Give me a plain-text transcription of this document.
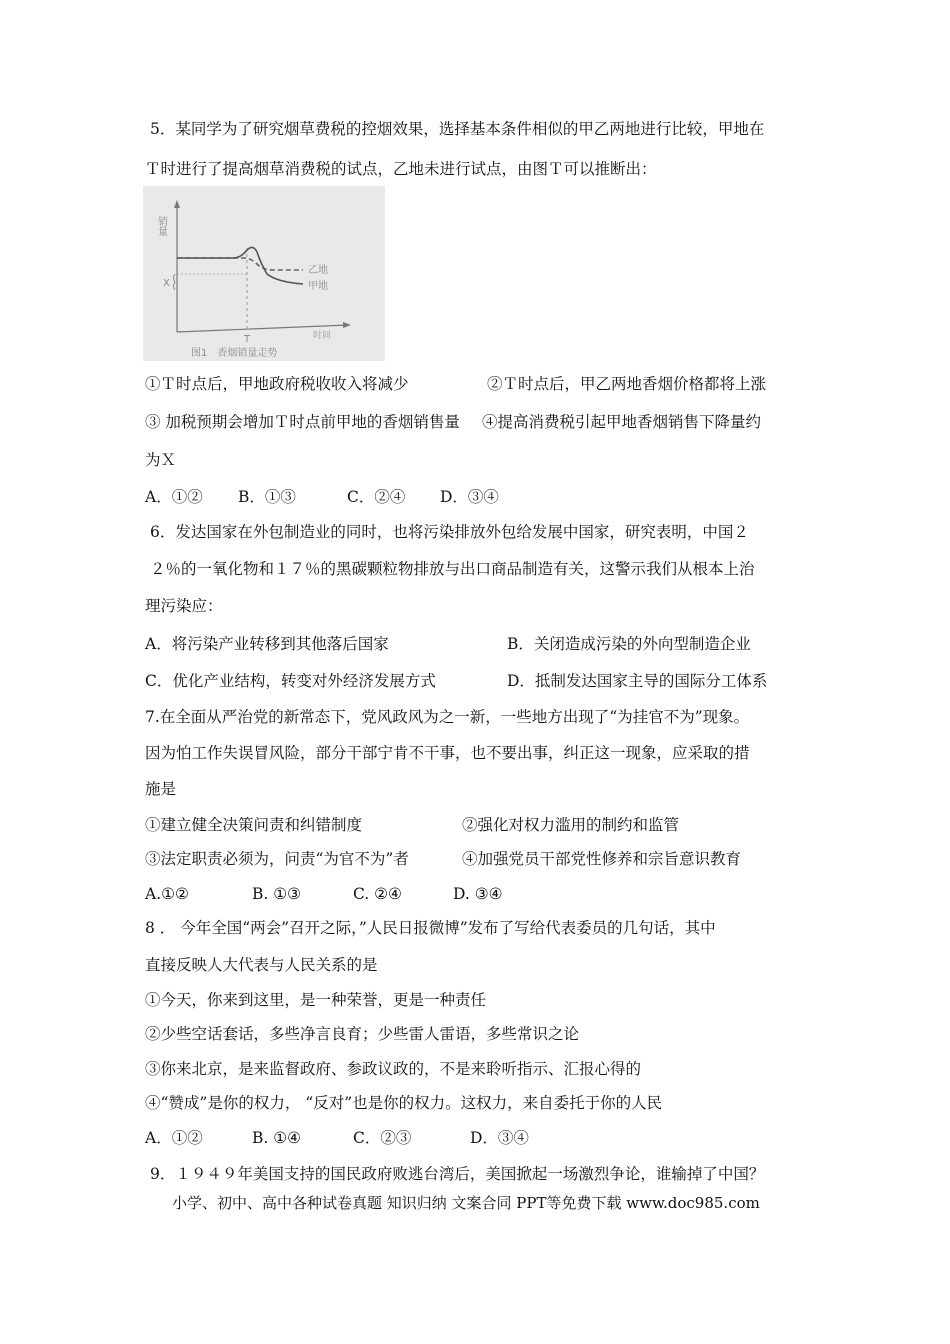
5．某同学为了研究烟草费税的控烟效果，选择基本条件相似的甲乙两地进行比较，甲地在
Ｔ时进行了提高烟草消费税的试点，乙地未进行试点，由图Ｔ可以推断出：
销量
T	时间
X
乙地
甲地
图1　香烟销量走势
①Ｔ时点后，甲地政府税收收入将减少	②Ｔ时点后，甲乙两地香烟价格都将上涨
③ 加税预期会增加Ｔ时点前甲地的香烟销售量 ④提高消费税引起甲地香烟销售下降量约
为Ｘ
A．①② B．①③	C．②④ D．③④
6．发达国家在外包制造业的同时，也将污染排放外包给发展中国家，研究表明，中国２
２％的一氧化物和１７％的黑碳颗粒物排放与出口商品制造有关，这警示我们从根本上治
理污染应：
A．将污染产业转移到其他落后国家	B．关闭造成污染的外向型制造企业
C．优化产业结构，转变对外经济发展方式	D．抵制发达国家主导的国际分工体系
7.在全面从严治党的新常态下，党风政风为之一新，一些地方出现了“为挂官不为”现象。
因为怕工作失误冒风险，部分干部宁肯不干事，也不要出事，纠正这一现象，应采取的措
施是
①建立健全决策问责和纠错制度	②强化对权力滥用的制约和监管
③法定职责必须为，问责“为官不为”者	④加强党员干部党性修养和宗旨意识教育
A.①②	B. ①③	C. ②④	D. ③④
8 ． 今年全国“两会”召开之际，”人民日报微博”发布了写给代表委员的几句话，其中
直接反映人大代表与人民关系的是
①今天，你来到这里，是一种荣誉，更是一种责任
②少些空话套话，多些净言良育；少些雷人雷语，多些常识之论
③你来北京，是来监督政府、参政议政的，不是来聆听指示、汇报心得的
④“赞成”是你的权力， “反对”也是你的权力。这权力，来自委托于你的人民
A．①②	B. ①④	C．②③	D．③④
9．１９４９年美国支持的国民政府败逃台湾后，美国掀起一场激烈争论，谁输掉了中国？
小学、初中、高中各种试卷真题 知识归纳 文案合同 PPT等免费下载 www.doc985.com
